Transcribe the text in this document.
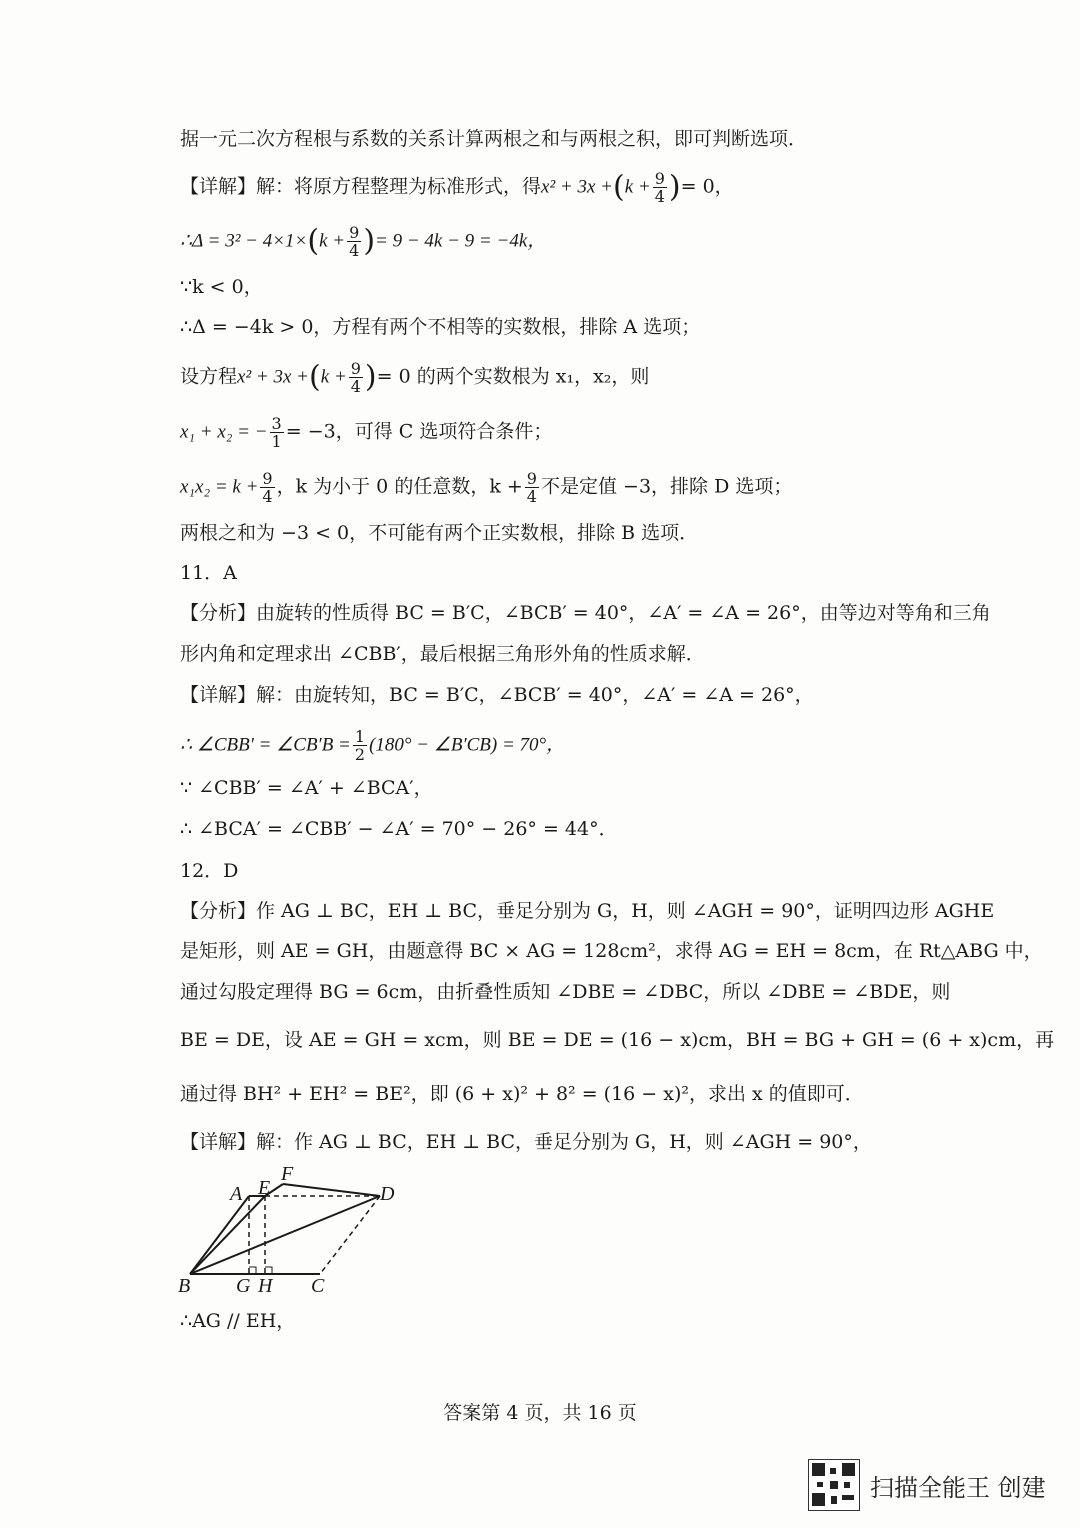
据一元二次方程根与系数的关系计算两根之和与两根之积，即可判断选项．
【详解】解：将原方程整理为标准形式，得$x^2 + 3x +(k + \frac{9}{4}$ )= 0，
∴Δ = $3^2 - 4\times 1\times(k + \frac{9}{4}$ )= 9 − 4k − 9 = −4k，
∵k < 0，
∴Δ = −4k > 0，方程有两个不相等的实数根，排除 A 选项；
设方程$x^2 + 3x +(k + \frac{9}{4}$ )= 0 的两个实数根为 x₁，x₂，则
x₁ + x₂ = − $\frac{3}{1} = -3$，可得 C 选项符合条件；
$x_1x_2 = k + \frac{9}{4}$ ，k 为小于 0 的任意数，$k + \frac{9}{4}$ 不是定值 −3，排除 D 选项；
两根之和为 −3 < 0，不可能有两个正实数根，排除 B 选项．
11．A
【分析】由旋转的性质得 BC = B′C，∠BCB′ = 40°，∠A′ = ∠A = 26°，由等边对等角和三角
形内角和定理求出 ∠CBB′，最后根据三角形外角的性质求解．
【详解】解：由旋转知，BC = B′C，∠BCB′ = 40°，∠A′ = ∠A = 26°，
∴ ∠CBB′ = ∠CB′B = $\frac{1}{2} (180^\circ$ − ∠B′CB) = 70°，
∵ ∠CBB′ = ∠A′ + ∠BCA′，
∴ ∠BCA′ = ∠CBB′ − ∠A′ = 70° − 26° = 44°．
12．D
【分析】作 AG ⊥ BC，EH ⊥ BC，垂足分别为 G，H，则 ∠AGH = 90°，证明四边形 AGHE
是矩形，则 AE = GH，由题意得 BC × AG = 128cm²，求得 AG = EH = 8cm，在 Rt△ABG 中，
通过勾股定理得 BG = 6cm，由折叠性质知 ∠DBE = ∠DBC，所以 ∠DBE = ∠BDE，则
BE = DE，设 AE = GH = xcm，则 BE = DE = (16 − x)cm，BH = BG + GH = (6 + x)cm，再
通过得 BH² + EH² = BE²，即 (6 + x)² + 8² = (16 − x)²，求出 x 的值即可．
【详解】解：作 AG ⊥ BC，EH ⊥ BC，垂足分别为 G，H，则 ∠AGH = 90°，
A E
F
D
B G H C
∴AG // EH，
答案第 4 页，共 16 页
扫描全能王 创建
